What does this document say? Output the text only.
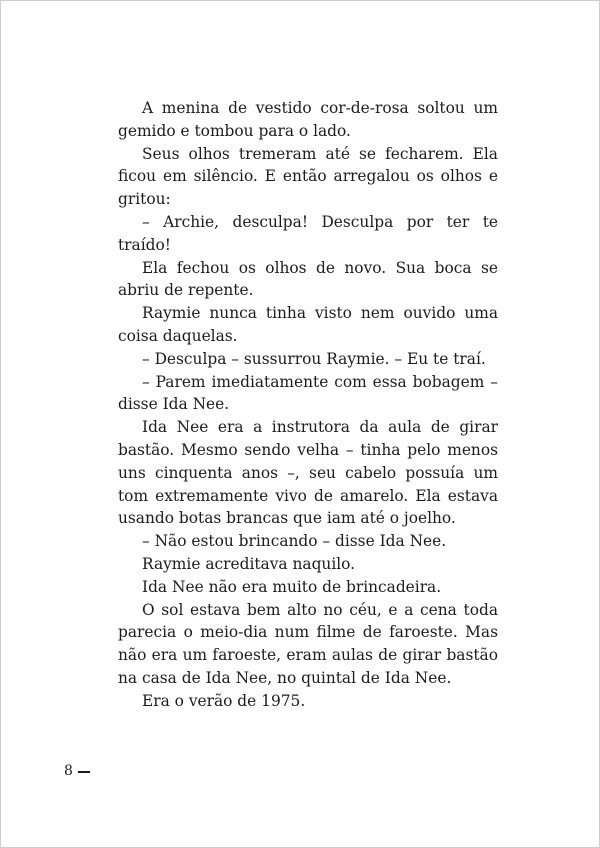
A menina de vestido cor-de-rosa soltou um gemido e tombou para o lado.

Seus olhos tremeram até se fecharem. Ela ficou em silêncio. E então arregalou os olhos e gritou:

– Archie, desculpa! Desculpa por ter te traído!

Ela fechou os olhos de novo. Sua boca se abriu de repente.

Raymie nunca tinha visto nem ouvido uma coisa daquelas.

– Desculpa – sussurrou Raymie. – Eu te traí.

– Parem imediatamente com essa bobagem – disse Ida Nee.

Ida Nee era a instrutora da aula de girar bastão. Mesmo sendo velha – tinha pelo menos uns cinquenta anos –, seu cabelo possuía um tom extremamente vivo de amarelo. Ela estava usando botas brancas que iam até o joelho.

– Não estou brincando – disse Ida Nee.

Raymie acreditava naquilo.

Ida Nee não era muito de brincadeira.

O sol estava bem alto no céu, e a cena toda parecia o meio-dia num filme de faroeste. Mas não era um faroeste, eram aulas de girar bastão na casa de Ida Nee, no quintal de Ida Nee.

Era o verão de 1975.

8
